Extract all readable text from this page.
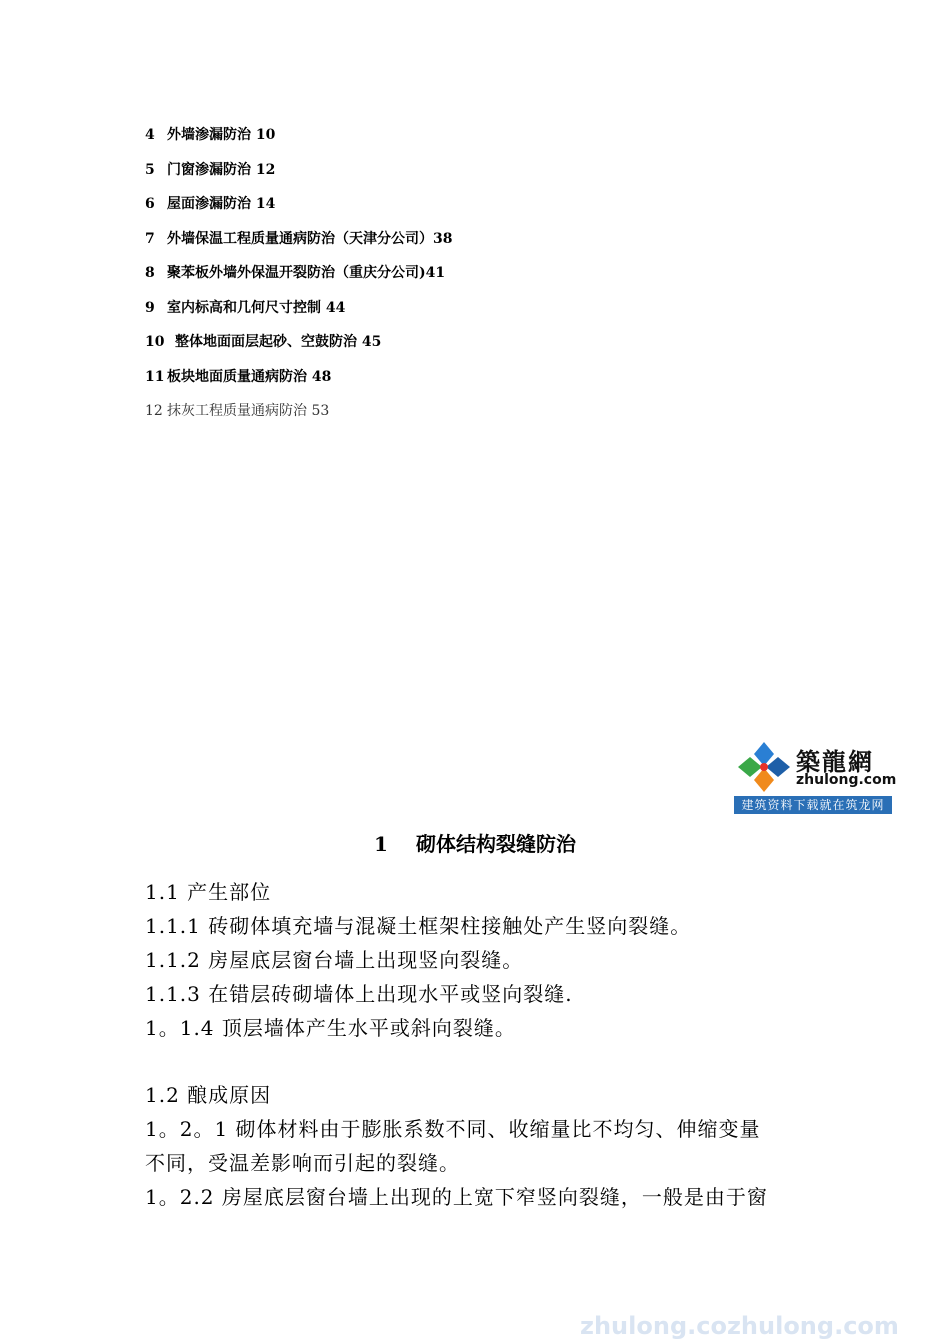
4 外墙渗漏防治 10
5 门窗渗漏防治 12
6 屋面渗漏防治 14
7 外墙保温工程质量通病防治（天津分公司）38
8 聚苯板外墙外保温开裂防治（重庆分公司)41
9 室内标高和几何尺寸控制 44
10 整体地面面层起砂、空鼓防治 45
11 板块地面质量通病防治 48
12 抹灰工程质量通病防治 53
築龍網
zhulong.com
建筑资料下载就在筑龙网
1 砌体结构裂缝防治
1.1 产生部位
1.1.1 砖砌体填充墙与混凝土框架柱接触处产生竖向裂缝。
1.1.2 房屋底层窗台墙上出现竖向裂缝。
1.1.3 在错层砖砌墙体上出现水平或竖向裂缝.
1。1.4 顶层墙体产生水平或斜向裂缝。
1.2 酿成原因
1。2。1 砌体材料由于膨胀系数不同、收缩量比不均匀、伸缩变量
不同，受温差影响而引起的裂缝。
1。2.2 房屋底层窗台墙上出现的上宽下窄竖向裂缝，一般是由于窗
zhulong.cozhulong.com
